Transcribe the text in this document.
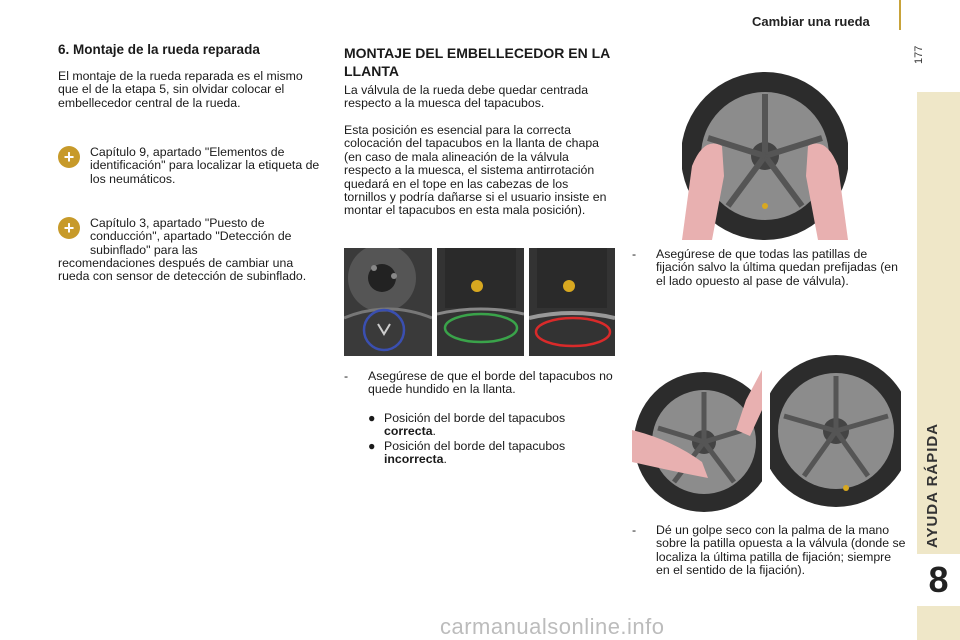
Cambiar una rueda
177
AYUDA RÁPIDA
8
6. Montaje de la rueda reparada
El montaje de la rueda reparada es el mismo que el de la etapa 5, sin olvidar colocar el embellecedor central de la rueda.
+	Capítulo 9, apartado "Elementos de identificación" para localizar la etiqueta de los neumáticos.
+	Capítulo 3, apartado "Puesto de conducción", apartado "Detección de subinflado" para las
recomendaciones después de cambiar una rueda con sensor de detección de subinflado.
MONTAJE DEL EMBELLECEDOR EN LA LLANTA
La válvula de la rueda debe quedar centrada respecto a la muesca del tapacubos.
Esta posición es esencial para la correcta colocación del tapacubos en la llanta de chapa (en caso de mala alineación de la válvula respecto a la muesca, el sistema antirrotación quedará en el tope en las cabezas de los tornillos y podría dañarse si el usuario insiste en montar el tapacubos en esta mala posición).
-	Asegúrese de que el borde del tapacubos no quede hundido en la llanta.
● Posición del borde del tapacubos correcta.
● Posición del borde del tapacubos incorrecta.
-	Asegúrese de que todas las patillas de fijación salvo la última quedan prefijadas (en el lado opuesto al pase de válvula).
-	Dé un golpe seco con la palma de la mano sobre la patilla opuesta a la válvula (donde se localiza la última patilla de fijación; siempre en el sentido de la fijación).
carmanualsonline.info
